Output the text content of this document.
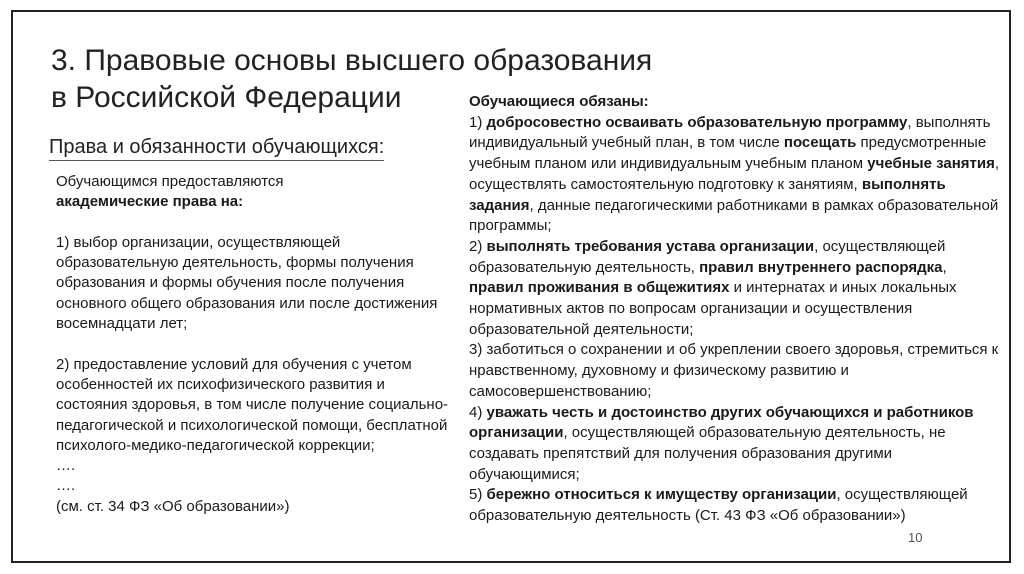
3. Правовые основы высшего образования
в Российской Федерации
Права и обязанности обучающихся:

Обучающимся предоставляются
академические права на:

1) выбор организации, осуществляющей образовательную деятельность, формы получения образования и формы обучения после получения основного общего образования или после достижения восемнадцати лет;

2) предоставление условий для обучения с учетом особенностей их психофизического развития и состояния здоровья, в том числе получение социально-педагогической и психологической помощи, бесплатной психолого-медико-педагогической коррекции;

….

….

(см. ст. 34 ФЗ «Об образовании»)

Обучающиеся обязаны:

1) добросовестно осваивать образовательную программу, выполнять индивидуальный учебный план, в том числе посещать предусмотренные учебным планом или индивидуальным учебным планом учебные занятия, осуществлять самостоятельную подготовку к занятиям, выполнять задания, данные педагогическими работниками в рамках образовательной программы;

2) выполнять требования устава организации, осуществляющей образовательную деятельность, правил внутреннего распорядка, правил проживания в общежитиях и интернатах и иных локальных нормативных актов по вопросам организации и осуществления образовательной деятельности;

3) заботиться о сохранении и об укреплении своего здоровья, стремиться к нравственному, духовному и физическому развитию и самосовершенствованию;

4) уважать честь и достоинство других обучающихся и работников организации, осуществляющей образовательную деятельность, не создавать препятствий для получения образования другими обучающимися;

5) бережно относиться к имуществу организации, осуществляющей образовательную деятельность (Ст. 43 ФЗ «Об образовании»)

10
